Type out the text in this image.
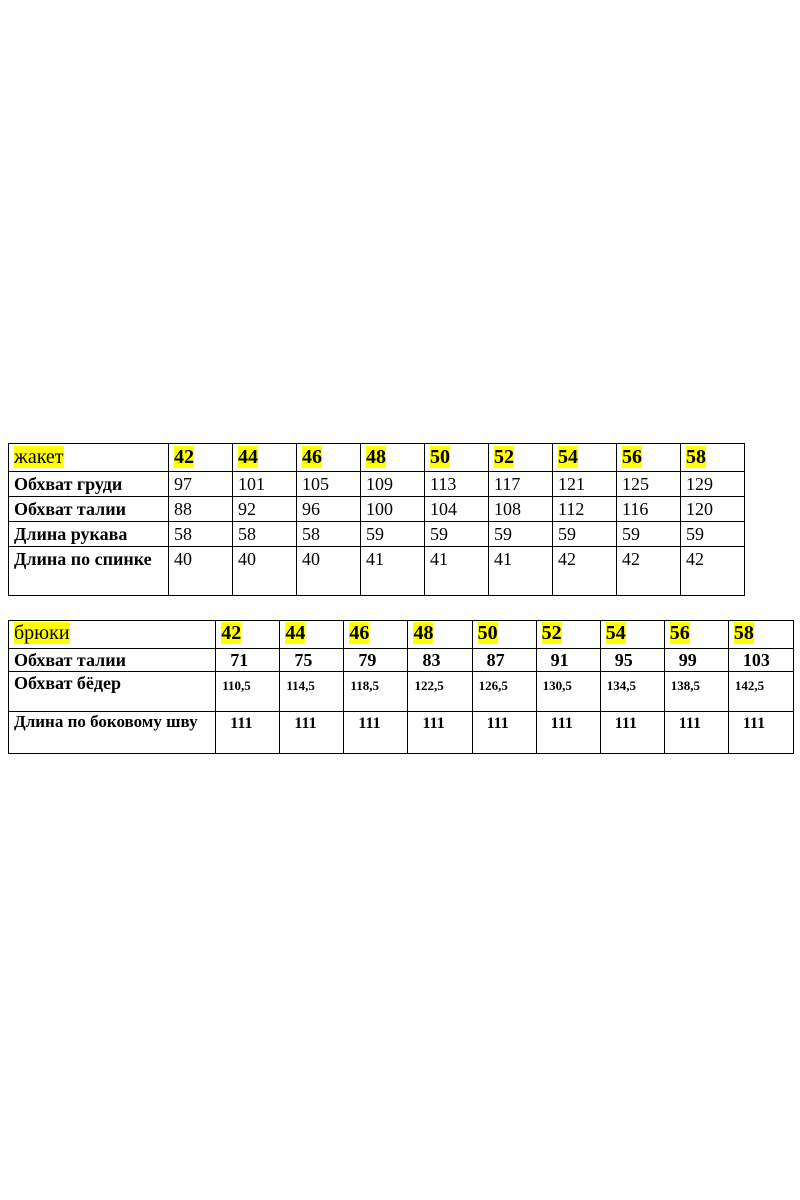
жакет	42	44	46	48	50	52	54	56	58
Обхват груди	97	101	105	109	113	117	121	125	129
Обхват талии	88	92	96	100	104	108	112	116	120
Длина рукава	58	58	58	59	59	59	59	59	59
Длина по спинке	40	40	40	41	41	41	42	42	42
брюки	42	44	46	48	50	52	54	56	58
Обхват талии	71	75	79	83	87	91	95	99	103
Обхват бёдер	110,5	114,5	118,5	122,5	126,5	130,5	134,5	138,5	142,5
Длина по боковому шву	111	111	111	111	111	111	111	111	111
